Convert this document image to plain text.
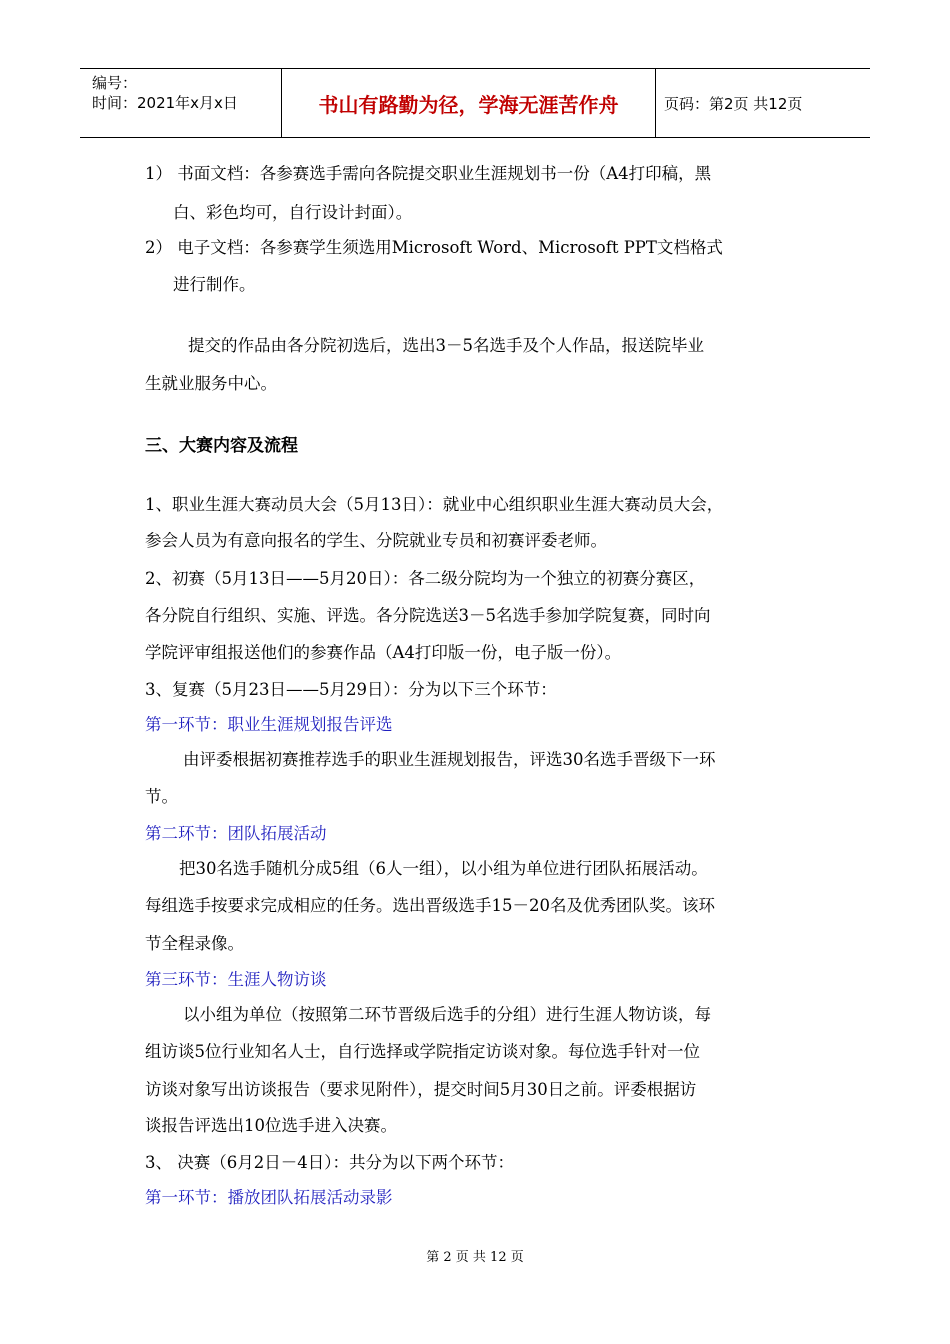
编号：
时间：2021年x月x日	书山有路勤为径，学海无涯苦作舟	页码：第2页 共12页
1） 书面文档：各参赛选手需向各院提交职业生涯规划书一份（A4打印稿，黑
白、彩色均可，自行设计封面）。
2） 电子文档：各参赛学生须选用Microsoft Word、Microsoft PPT文档格式
进行制作。
提交的作品由各分院初选后，选出3－5名选手及个人作品，报送院毕业
生就业服务中心。
三、大赛内容及流程
1、职业生涯大赛动员大会（5月13日）：就业中心组织职业生涯大赛动员大会，
参会人员为有意向报名的学生、分院就业专员和初赛评委老师。
2、初赛（5月13日——5月20日）：各二级分院均为一个独立的初赛分赛区，
各分院自行组织、实施、评选。各分院选送3－5名选手参加学院复赛，同时向
学院评审组报送他们的参赛作品（A4打印版一份，电子版一份）。
3、复赛（5月23日——5月29日）：分为以下三个环节：
第一环节：职业生涯规划报告评选
由评委根据初赛推荐选手的职业生涯规划报告，评选30名选手晋级下一环
节。
第二环节：团队拓展活动
把30名选手随机分成5组（6人一组），以小组为单位进行团队拓展活动。
每组选手按要求完成相应的任务。选出晋级选手15－20名及优秀团队奖。该环
节全程录像。
第三环节：生涯人物访谈
以小组为单位（按照第二环节晋级后选手的分组）进行生涯人物访谈，每
组访谈5位行业知名人士，自行选择或学院指定访谈对象。每位选手针对一位
访谈对象写出访谈报告（要求见附件），提交时间5月30日之前。评委根据访
谈报告评选出10位选手进入决赛。
3、 决赛（6月2日－4日）：共分为以下两个环节：
第一环节：播放团队拓展活动录影
第 2 页 共 12 页
